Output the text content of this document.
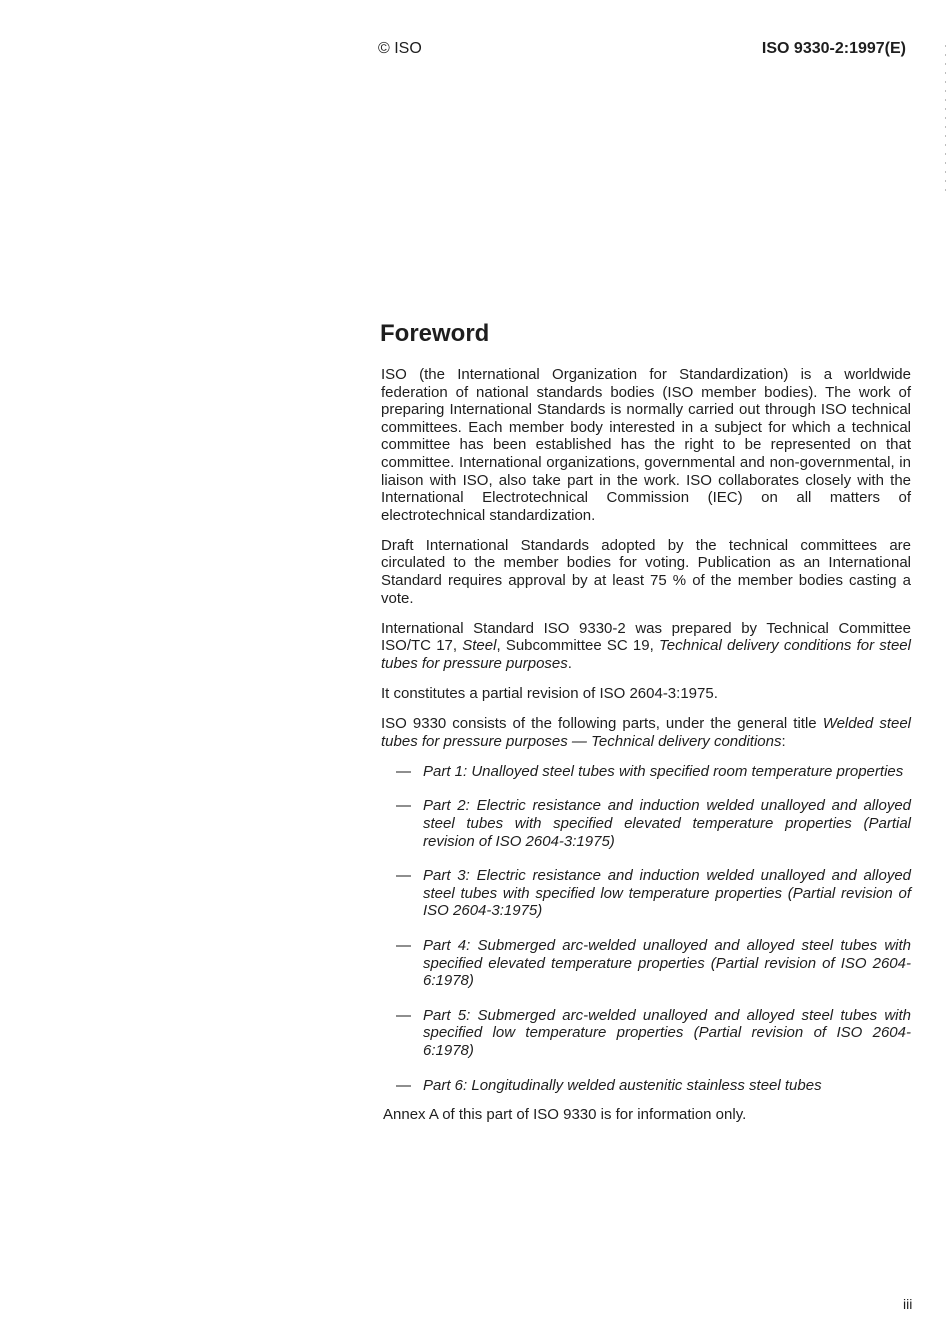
© ISO	ISO 9330-2:1997(E)
Foreword

ISO (the International Organization for Standardization) is a worldwide federation of national standards bodies (ISO member bodies). The work of preparing International Standards is normally carried out through ISO technical committees. Each member body interested in a subject for which a technical committee has been established has the right to be represented on that committee. International organizations, governmental and non-governmental, in liaison with ISO, also take part in the work. ISO collaborates closely with the International Electrotechnical Commission (IEC) on all matters of electrotechnical standardization.

Draft International Standards adopted by the technical committees are circulated to the member bodies for voting. Publication as an International Standard requires approval by at least 75 % of the member bodies casting a vote.

International Standard ISO 9330-2 was prepared by Technical Committee ISO/TC 17, Steel, Subcommittee SC 19, Technical delivery conditions for steel tubes for pressure purposes.

It constitutes a partial revision of ISO 2604-3:1975.

ISO 9330 consists of the following parts, under the general title Welded steel tubes for pressure purposes — Technical delivery conditions:

— Part 1: Unalloyed steel tubes with specified room temperature properties
— Part 2: Electric resistance and induction welded unalloyed and alloyed steel tubes with specified elevated temperature properties (Partial revision of ISO 2604-3:1975)
— Part 3: Electric resistance and induction welded unalloyed and alloyed steel tubes with specified low temperature properties (Partial revision of ISO 2604-3:1975)
— Part 4: Submerged arc-welded unalloyed and alloyed steel tubes with specified elevated temperature properties (Partial revision of ISO 2604-6:1978)
— Part 5: Submerged arc-welded unalloyed and alloyed steel tubes with specified low temperature properties (Partial revision of ISO 2604-6:1978)
— Part 6: Longitudinally welded austenitic stainless steel tubes
Annex A of this part of ISO 9330 is for information only.
iii
